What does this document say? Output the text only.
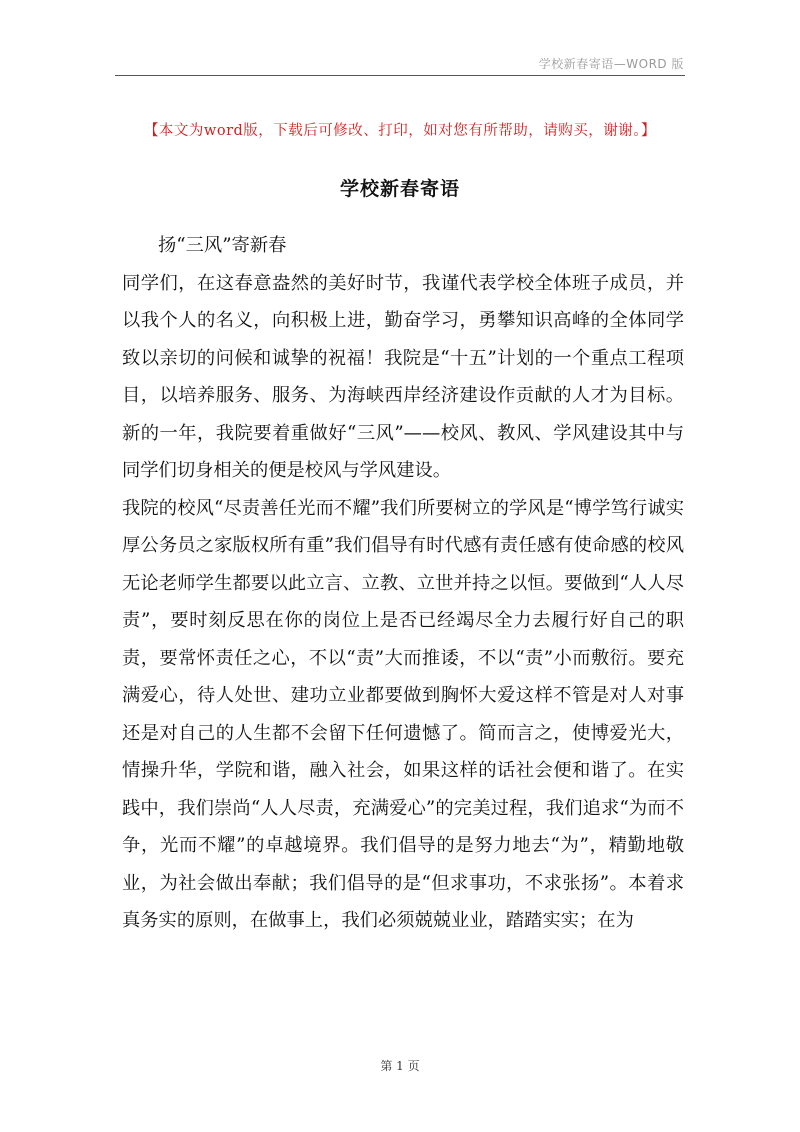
学校新春寄语—WORD 版
【本文为word版，下载后可修改、打印，如对您有所帮助，请购买，谢谢。】
学校新春寄语

扬“三风”寄新春

同学们，在这春意盎然的美好时节，我谨代表学校全体班子成员，并以我个人的名义，向积极上进，勤奋学习，勇攀知识高峰的全体同学致以亲切的问候和诚挚的祝福！我院是“十五”计划的一个重点工程项目，以培养服务、服务、为海峡西岸经济建设作贡献的人才为目标。新的一年，我院要着重做好“三风”——校风、教风、学风建设其中与同学们切身相关的便是校风与学风建设。

我院的校风“尽责善任光而不耀”我们所要树立的学风是“博学笃行诚实厚公务员之家版权所有重”我们倡导有时代感有责任感有使命感的校风无论老师学生都要以此立言、立教、立世并持之以恒。要做到“人人尽责”，要时刻反思在你的岗位上是否已经竭尽全力去履行好自己的职责，要常怀责任之心，不以“责”大而推诿，不以“责”小而敷衍。要充满爱心，待人处世、建功立业都要做到胸怀大爱这样不管是对人对事还是对自己的人生都不会留下任何遗憾了。简而言之，使博爱光大，情操升华，学院和谐，融入社会，如果这样的话社会便和谐了。在实践中，我们崇尚“人人尽责，充满爱心”的完美过程，我们追求“为而不争，光而不耀”的卓越境界。我们倡导的是努力地去“为”，精勤地敬业，为社会做出奉献；我们倡导的是“但求事功，不求张扬”。本着求真务实的原则，在做事上，我们必须兢兢业业，踏踏实实；在为

第 1 页
